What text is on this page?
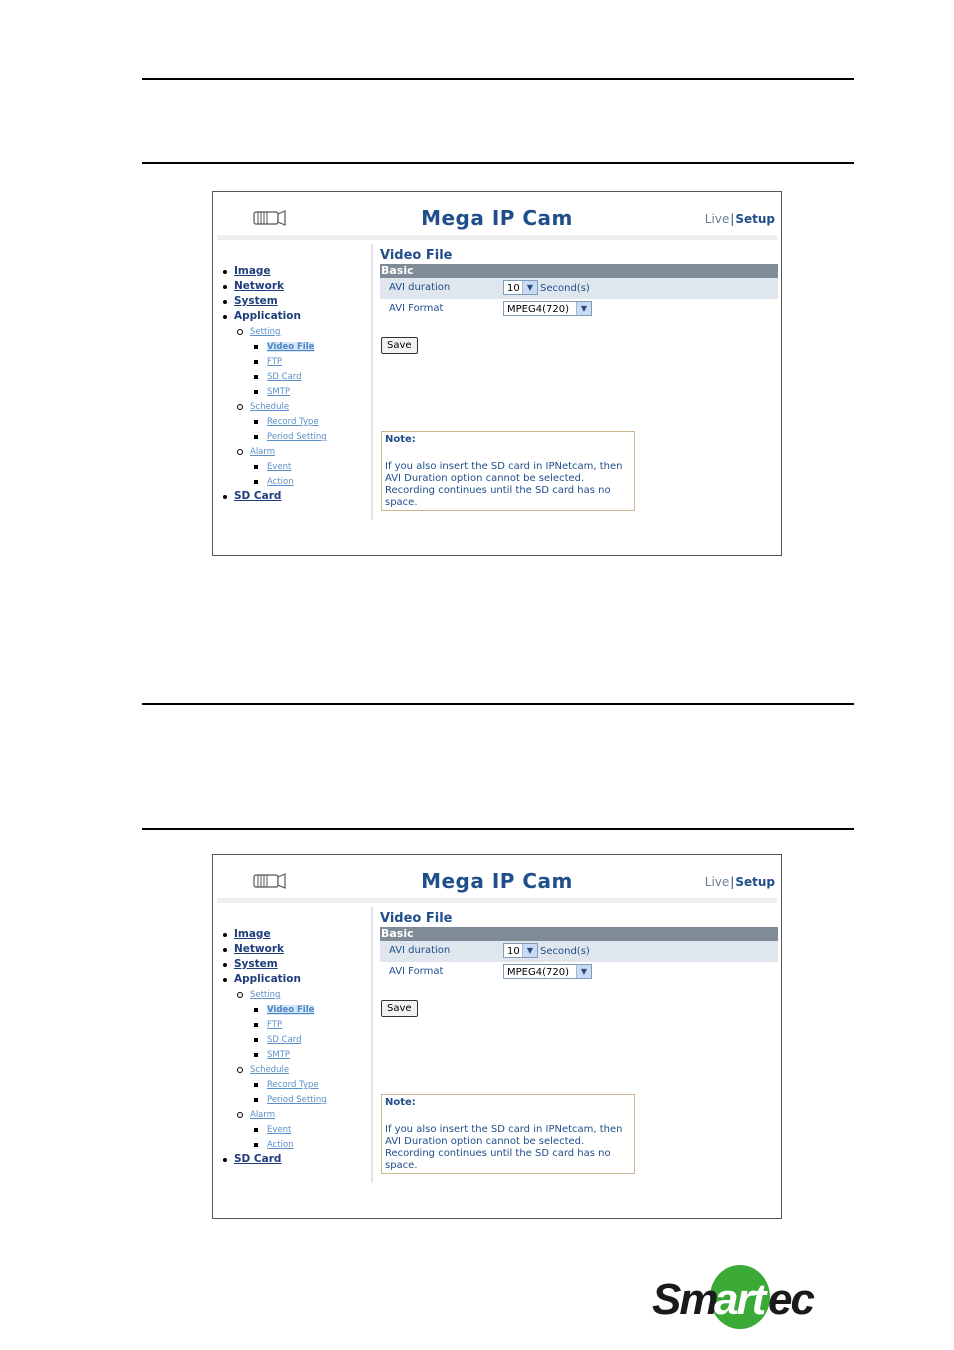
Mega IP Cam	Live|Setup
Image
Network
System
Application
Setting
Video File
FTP
SD Card
SMTP
Schedule
Record Type
Period Setting
Alarm
Event
Action
SD Card
Video File
Basic
AVI duration	10 ▼ Second(s)
AVI Format	MPEG4(720)	▼
Save
Note:
If you also insert the SD card in IPNetcam, then AVI Duration option cannot be selected. Recording continues until the SD card has no space.
Mega IP Cam	Live|Setup
Image
Network
System
Application
Setting
Video File
FTP
SD Card
SMTP
Schedule
Record Type
Period Setting
Alarm
Event
Action
SD Card
Video File
Basic
AVI duration	10 ▼ Second(s)
AVI Format	MPEG4(720)	▼
Save
Note:
If you also insert the SD card in IPNetcam, then AVI Duration option cannot be selected. Recording continues until the SD card has no space.
Sm
art ec
